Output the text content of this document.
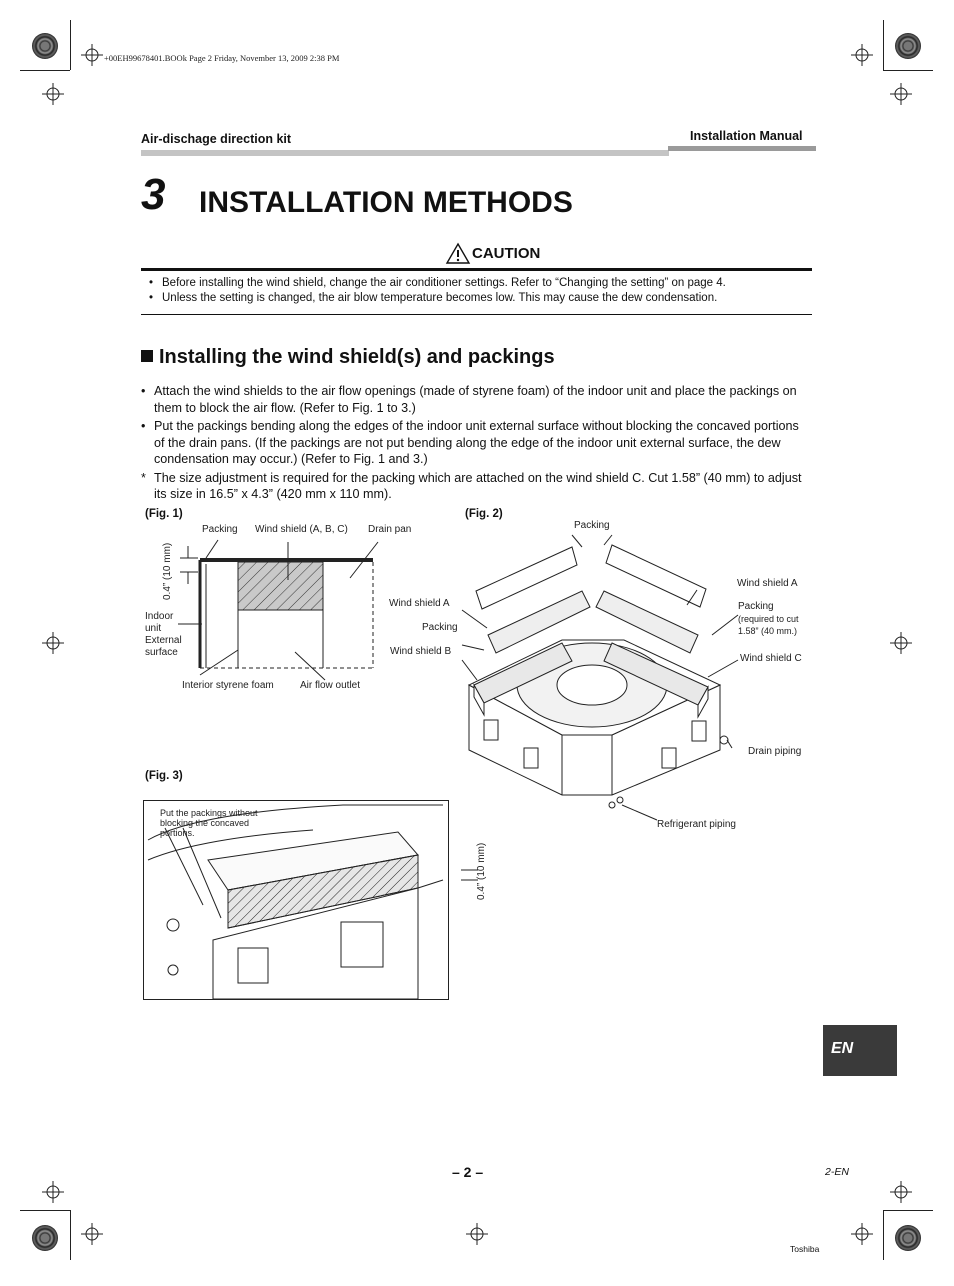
+00EH99678401.BOOk Page 2 Friday, November 13, 2009 2:38 PM
Air-dischage direction kit	Installation Manual
3 INSTALLATION METHODS
CAUTION
• Before installing the wind shield, change the air conditioner settings. Refer to “Changing the setting” on page 4.
• Unless the setting is changed, the air blow temperature becomes low. This may cause the dew condensation.
Installing the wind shield(s) and packings
• Attach the wind shields to the air flow openings (made of styrene foam) of the indoor unit and place the packings on them to block the air flow. (Refer to Fig. 1 to 3.)
• Put the packings bending along the edges of the indoor unit external surface without blocking the concaved portions of the drain pans. (If the packings are not put bending along the edge of the indoor unit external surface, the dew condensation may occur.) (Refer to Fig. 1 and 3.)
* The size adjustment is required for the packing which are attached on the wind shield C. Cut 1.58” (40 mm) to adjust its size in 16.5” x 4.3” (420 mm x 110 mm).
(Fig. 1)
Packing Wind shield (A, B, C) Drain pan
0.4” (10 mm)
Indoor
unit
External
surface
Interior styrene foam	Air flow outlet
(Fig. 2)
Packing
Wind shield A
Wind shield A	Packing
(required to cut
1.58” (40 mm.)
Packing
Wind shield B
Wind shield C
Drain piping
Refrigerant piping
(Fig. 3)
Put the packings without
blocking the concaved
portions.
0.4” (10 mm)
EN
– 2 –	2-EN
Toshiba
